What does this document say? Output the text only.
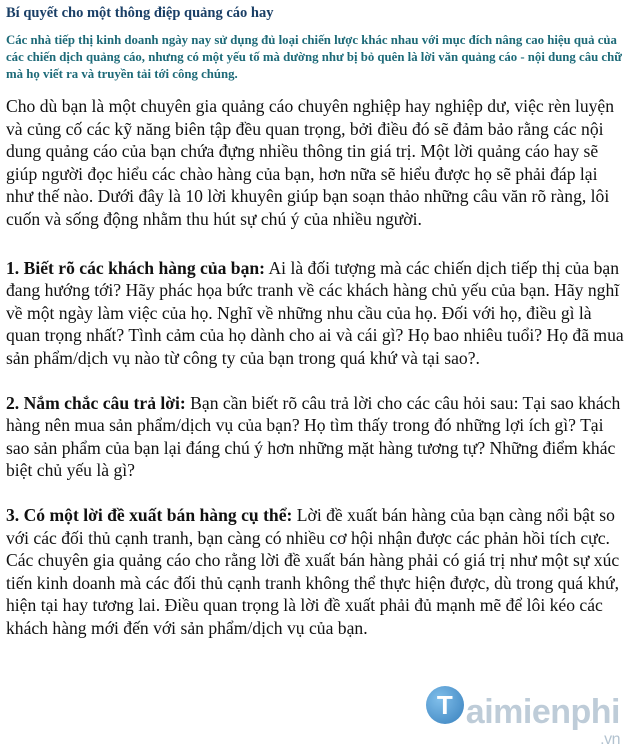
Bí quyết cho một thông điệp quảng cáo hay
Các nhà tiếp thị kinh doanh ngày nay sử dụng đủ loại chiến lược khác nhau với mục đích nâng cao hiệu quả của các chiến dịch quảng cáo, nhưng có một yếu tố mà dường như bị bỏ quên là lời văn quảng cáo - nội dung câu chữ mà họ viết ra và truyền tải tới công chúng.
Cho dù bạn là một chuyên gia quảng cáo chuyên nghiệp hay nghiệp dư, việc rèn luyện và củng cố các kỹ năng biên tập đều quan trọng, bởi điều đó sẽ đảm bảo rằng các nội dung quảng cáo của bạn chứa đựng nhiều thông tin giá trị. Một lời quảng cáo hay sẽ giúp người đọc hiểu các chào hàng của bạn, hơn nữa sẽ hiểu được họ sẽ phải đáp lại như thế nào. Dưới đây là 10 lời khuyên giúp bạn soạn thảo những câu văn rõ ràng, lôi cuốn và sống động nhằm thu hút sự chú ý của nhiều người.
1. Biết rõ các khách hàng của bạn: Ai là đối tượng mà các chiến dịch tiếp thị của bạn đang hướng tới? Hãy phác họa bức tranh về các khách hàng chủ yếu của bạn. Hãy nghĩ về một ngày làm việc của họ. Nghĩ về những nhu cầu của họ. Đối với họ, điều gì là quan trọng nhất? Tình cảm của họ dành cho ai và cái gì? Họ bao nhiêu tuổi? Họ đã mua sản phẩm/dịch vụ nào từ công ty của bạn trong quá khứ và tại sao?.
2. Nắm chắc câu trả lời: Bạn cần biết rõ câu trả lời cho các câu hỏi sau: Tại sao khách hàng nên mua sản phẩm/dịch vụ của bạn? Họ tìm thấy trong đó những lợi ích gì? Tại sao sản phẩm của bạn lại đáng chú ý hơn những mặt hàng tương tự? Những điểm khác biệt chủ yếu là gì?
3. Có một lời đề xuất bán hàng cụ thể: Lời đề xuất bán hàng của bạn càng nổi bật so với các đối thủ cạnh tranh, bạn càng có nhiều cơ hội nhận được các phản hồi tích cực. Các chuyên gia quảng cáo cho rằng lời đề xuất bán hàng phải có giá trị như một sự xúc tiến kinh doanh mà các đối thủ cạnh tranh không thể thực hiện được, dù trong quá khứ, hiện tại hay tương lai. Điều quan trọng là lời đề xuất phải đủ mạnh mẽ để lôi kéo các khách hàng mới đến với sản phẩm/dịch vụ của bạn.
T aimienphi
.vn
